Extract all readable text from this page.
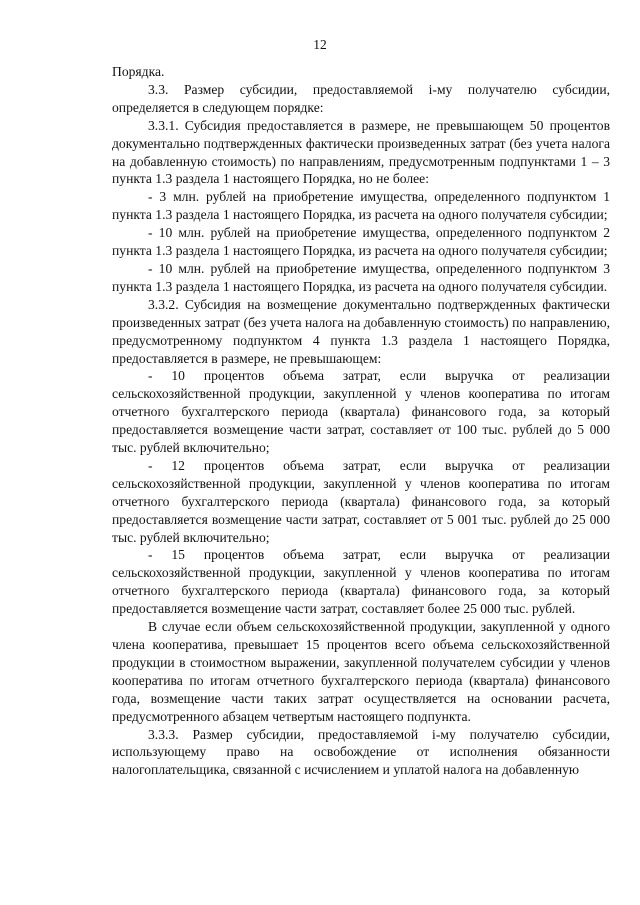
12

Порядка.

3.3. Размер субсидии, предоставляемой i-му получателю субсидии, определяется в следующем порядке:

3.3.1. Субсидия предоставляется в размере, не превышающем 50 процентов документально подтвержденных фактически произведенных затрат (без учета налога на добавленную стоимость) по направлениям, предусмотренным подпунктами 1 – 3 пункта 1.3 раздела 1 настоящего Порядка, но не более:

- 3 млн. рублей на приобретение имущества, определенного подпунктом 1 пункта 1.3 раздела 1 настоящего Порядка, из расчета на одного получателя субсидии;

- 10 млн. рублей на приобретение имущества, определенного подпунктом 2 пункта 1.3 раздела 1 настоящего Порядка, из расчета на одного получателя субсидии;

- 10 млн. рублей на приобретение имущества, определенного подпунктом 3 пункта 1.3 раздела 1 настоящего Порядка, из расчета на одного получателя субсидии.

3.3.2. Субсидия на возмещение документально подтвержденных фактически произведенных затрат (без учета налога на добавленную стоимость) по направлению, предусмотренному подпунктом 4 пункта 1.3 раздела 1 настоящего Порядка, предоставляется в размере, не превышающем:

- 10 процентов объема затрат, если выручка от реализации сельскохозяйственной продукции, закупленной у членов кооператива по итогам отчетного бухгалтерского периода (квартала) финансового года, за который предоставляется возмещение части затрат, составляет от 100 тыс. рублей до 5 000 тыс. рублей включительно;

- 12 процентов объема затрат, если выручка от реализации сельскохозяйственной продукции, закупленной у членов кооператива по итогам отчетного бухгалтерского периода (квартала) финансового года, за который предоставляется возмещение части затрат, составляет от 5 001 тыс. рублей до 25 000 тыс. рублей включительно;

- 15 процентов объема затрат, если выручка от реализации сельскохозяйственной продукции, закупленной у членов кооператива по итогам отчетного бухгалтерского периода (квартала) финансового года, за который предоставляется возмещение части затрат, составляет более 25 000 тыс. рублей.

В случае если объем сельскохозяйственной продукции, закупленной у одного члена кооператива, превышает 15 процентов всего объема сельскохозяйственной продукции в стоимостном выражении, закупленной получателем субсидии у членов кооператива по итогам отчетного бухгалтерского периода (квартала) финансового года, возмещение части таких затрат осуществляется на основании расчета, предусмотренного абзацем четвертым настоящего подпункта.

3.3.3. Размер субсидии, предоставляемой i-му получателю субсидии, использующему право на освобождение от исполнения обязанности налогоплательщика, связанной с исчислением и уплатой налога на добавленную
